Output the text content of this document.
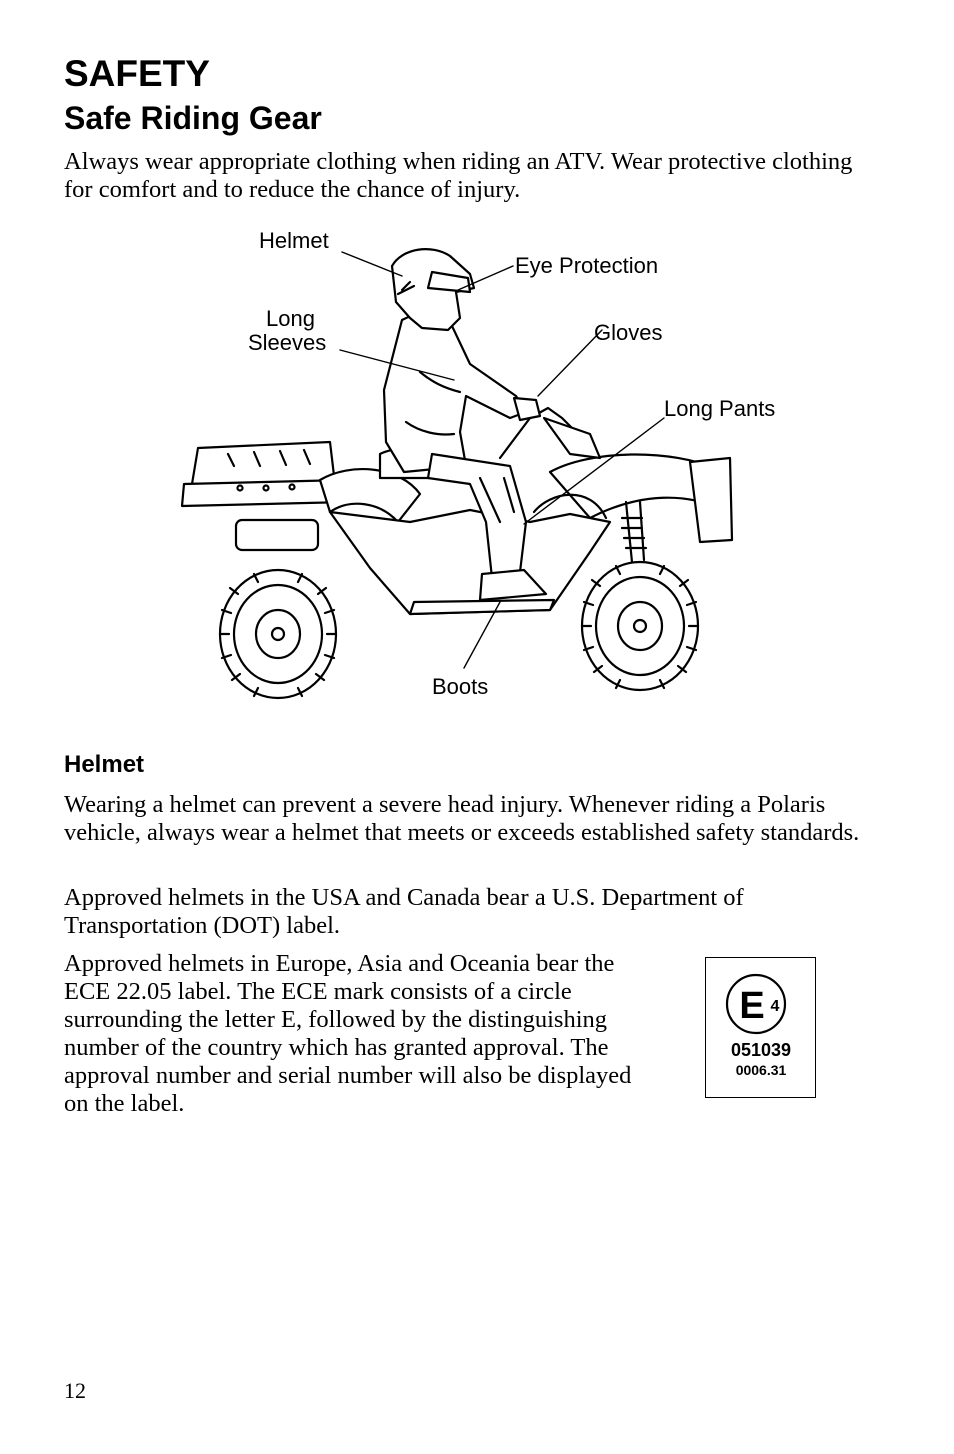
SAFETY
Safe Riding Gear

Always wear appropriate clothing when riding an ATV. Wear protective clothing for comfort and to reduce the chance of injury.

Helmet
Eye Protection
Long
Sleeves	Gloves
Long Pants
Boots
Helmet

Wearing a helmet can prevent a severe head injury. Whenever riding a Polaris vehicle, always wear a helmet that meets or exceeds established safety standards.

Approved helmets in the USA and Canada bear a U.S. Department of Transportation (DOT) label.

Approved helmets in Europe, Asia and Oceania bear the ECE 22.05 label. The ECE mark consists of a circle surrounding the letter E, followed by the distinguishing number of the country which has granted approval. The approval number and serial number will also be displayed on the label.

E 4
051039
0006.31

12
